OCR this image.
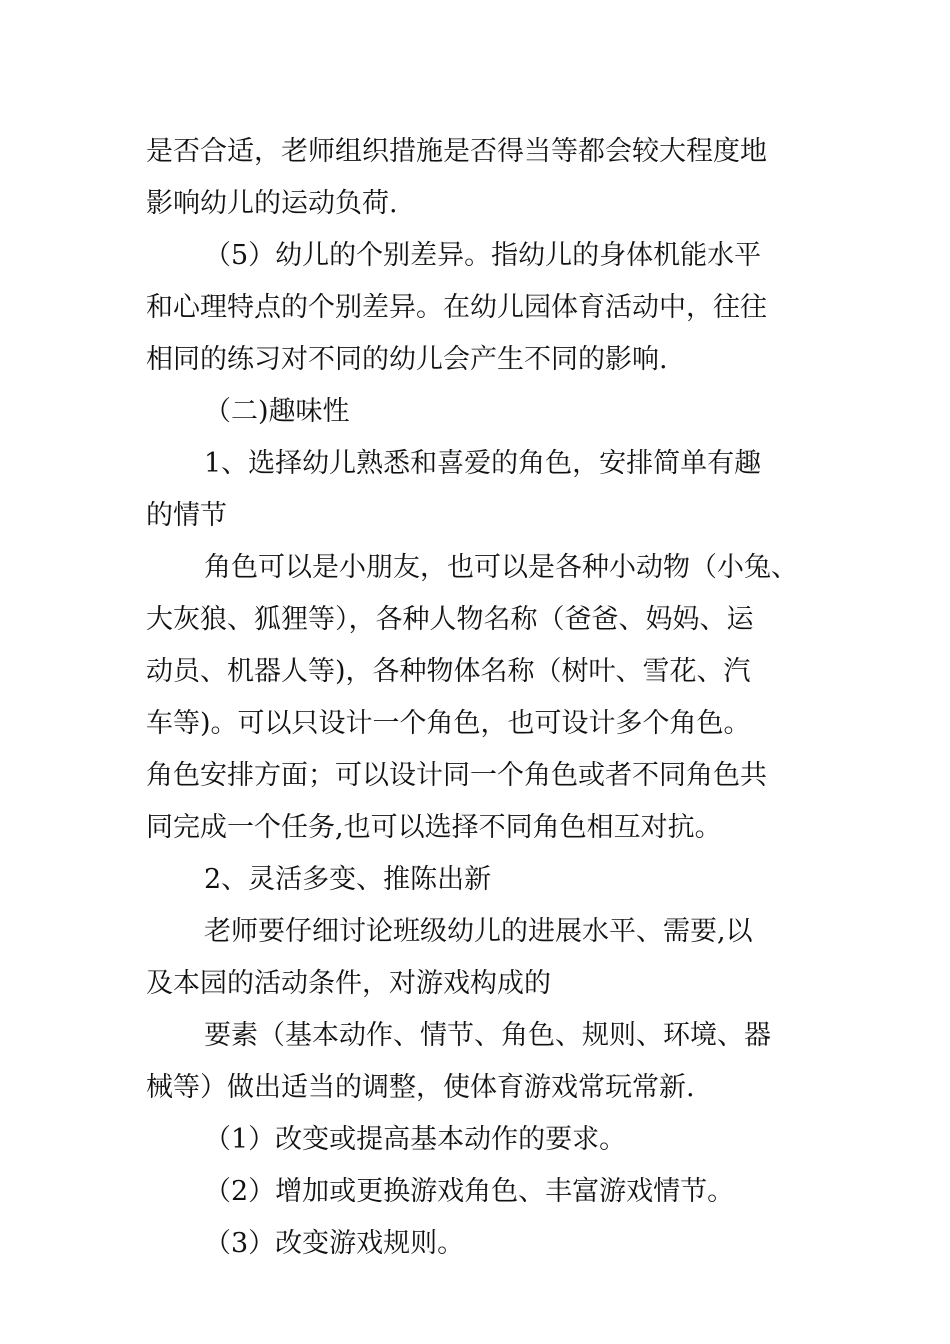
是否合适，老师组织措施是否得当等都会较大程度地
影响幼儿的运动负荷.
（5）幼儿的个别差异。指幼儿的身体机能水平
和心理特点的个别差异。在幼儿园体育活动中，往往
相同的练习对不同的幼儿会产生不同的影响.
（二)趣味性
1、选择幼儿熟悉和喜爱的角色，安排简单有趣
的情节
角色可以是小朋友，也可以是各种小动物（小兔、
大灰狼、狐狸等），各种人物名称（爸爸、妈妈、运
动员、机器人等)，各种物体名称（树叶、雪花、汽
车等)。可以只设计一个角色，也可设计多个角色。
角色安排方面；可以设计同一个角色或者不同角色共
同完成一个任务,也可以选择不同角色相互对抗。
2、灵活多变、推陈出新
老师要仔细讨论班级幼儿的进展水平、需要,以
及本园的活动条件，对游戏构成的
要素（基本动作、情节、角色、规则、环境、器
械等）做出适当的调整，使体育游戏常玩常新.
（1）改变或提高基本动作的要求。
（2）增加或更换游戏角色、丰富游戏情节。
（3）改变游戏规则。
